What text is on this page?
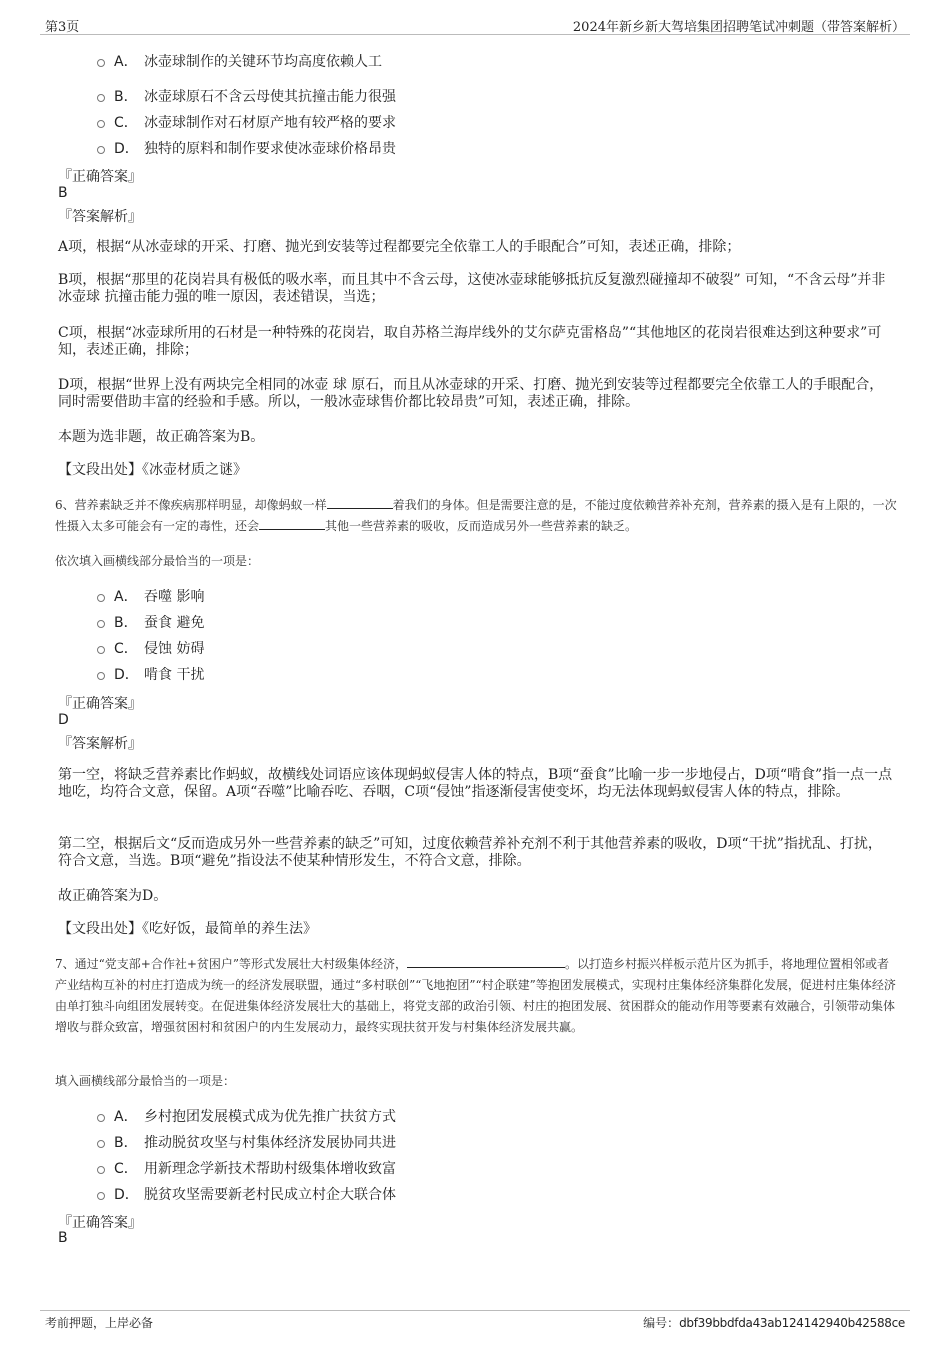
第3页	2024年新乡新大驾培集团招聘笔试冲刺题（带答案解析）
A． 冰壶球制作的关键环节均高度依赖人工
B． 冰壶球原石不含云母使其抗撞击能力很强
C． 冰壶球制作对石材原产地有较严格的要求
D． 独特的原料和制作要求使冰壶球价格昂贵
『正确答案』
B
『答案解析』
A项，根据“从冰壶球的开采、打磨、抛光到安装等过程都要完全依靠工人的手眼配合”可知，表述正确，排除；
B项，根据“那里的花岗岩具有极低的吸水率，而且其中不含云母，这使冰壶球能够抵抗反复激烈碰撞却不破裂” 可知，“不含云母”并非 冰壶球 抗撞击能力强的唯一原因，表述错误，当选；
C项，根据“冰壶球所用的石材是一种特殊的花岗岩，取自苏格兰海岸线外的艾尔萨克雷格岛”“其他地区的花岗岩很难达到这种要求”可知，表述正确，排除；
D项，根据“世界上没有两块完全相同的冰壶 球 原石，而且从冰壶球的开采、打磨、抛光到安装等过程都要完全依靠工人的手眼配合，同时需要借助丰富的经验和手感。所以，一般冰壶球售价都比较昂贵”可知，表述正确，排除。
本题为选非题，故正确答案为B。
【文段出处】《冰壶材质之谜》
6、营养素缺乏并不像疾病那样明显，却像蚂蚁一样	着我们的身体。但是需要注意的是，不能过度依赖营养补充剂，营养素的摄入是有上限的，一次性摄入太多可能会有一定的毒性，还会	其他一些营养素的吸收，反而造成另外一些营养素的缺乏。
依次填入画横线部分最恰当的一项是：
A． 吞噬 影响
B． 蚕食 避免
C． 侵蚀 妨碍
D． 啃食 干扰
『正确答案』
D
『答案解析』
第一空，将缺乏营养素比作蚂蚁，故横线处词语应该体现蚂蚁侵害人体的特点，B项“蚕食”比喻一步一步地侵占，D项“啃食”指一点一点地吃，均符合文意，保留。A项“吞噬”比喻吞吃、吞咽，C项“侵蚀”指逐渐侵害使变坏，均无法体现蚂蚁侵害人体的特点，排除。
第二空，根据后文“反而造成另外一些营养素的缺乏”可知，过度依赖营养补充剂不利于其他营养素的吸收，D项“干扰”指扰乱、打扰，符合文意，当选。B项“避免”指设法不使某种情形发生，不符合文意，排除。
故正确答案为D。
【文段出处】《吃好饭，最简单的养生法》
7、通过“党支部+合作社+贫困户”等形式发展壮大村级集体经济，	。以打造乡村振兴样板示范片区为抓手，将地理位置相邻或者产业结构互补的村庄打造成为统一的经济发展联盟，通过“多村联创”“飞地抱团”“村企联建”等抱团发展模式，实现村庄集体经济集群化发展，促进村庄集体经济由单打独斗向组团发展转变。在促进集体经济发展壮大的基础上，将党支部的政治引领、村庄的抱团发展、贫困群众的能动作用等要素有效融合，引领带动集体增收与群众致富，增强贫困村和贫困户的内生发展动力，最终实现扶贫开发与村集体经济发展共赢。
填入画横线部分最恰当的一项是：
A． 乡村抱团发展模式成为优先推广扶贫方式
B． 推动脱贫攻坚与村集体经济发展协同共进
C． 用新理念学新技术帮助村级集体增收致富
D． 脱贫攻坚需要新老村民成立村企大联合体
『正确答案』
B
考前押题，上岸必备	编号：dbf39bbdfda43ab124142940b42588ce
